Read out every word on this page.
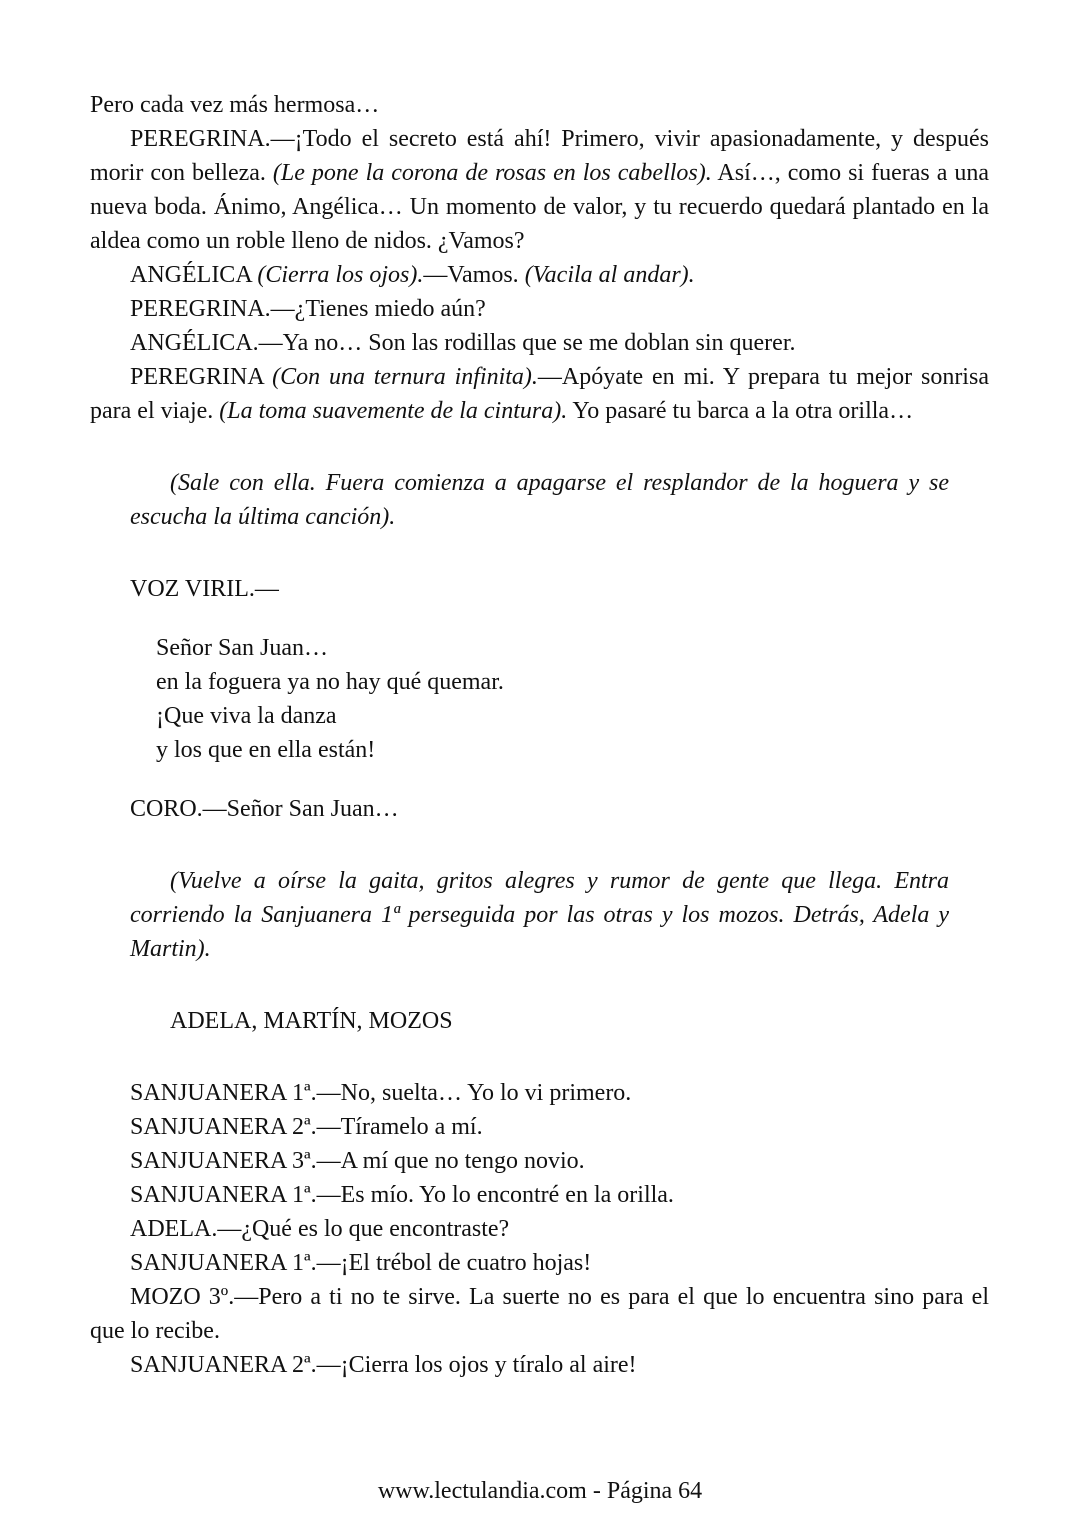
Pero cada vez más hermosa…

PEREGRINA.—¡Todo el secreto está ahí! Primero, vivir apasionadamente, y después morir con belleza. (Le pone la corona de rosas en los cabellos). Así…, como si fueras a una nueva boda. Ánimo, Angélica… Un momento de valor, y tu recuerdo quedará plantado en la aldea como un roble lleno de nidos. ¿Vamos?

ANGÉLICA (Cierra los ojos).—Vamos. (Vacila al andar).

PEREGRINA.—¿Tienes miedo aún?

ANGÉLICA.—Ya no… Son las rodillas que se me doblan sin querer.

PEREGRINA (Con una ternura infinita).—Apóyate en mi. Y prepara tu mejor sonrisa para el viaje. (La toma suavemente de la cintura). Yo pasaré tu barca a la otra orilla…

(Sale con ella. Fuera comienza a apagarse el resplandor de la hoguera y se escucha la última canción).

VOZ VIRIL.—

Señor San Juan…
en la foguera ya no hay qué quemar.
¡Que viva la danza
y los que en ella están!

CORO.—Señor San Juan…

(Vuelve a oírse la gaita, gritos alegres y rumor de gente que llega. Entra corriendo la Sanjuanera 1ª perseguida por las otras y los mozos. Detrás, Adela y Martin).

ADELA, MARTÍN, MOZOS

SANJUANERA 1ª.—No, suelta… Yo lo vi primero.

SANJUANERA 2ª.—Tíramelo a mí.

SANJUANERA 3ª.—A mí que no tengo novio.

SANJUANERA 1ª.—Es mío. Yo lo encontré en la orilla.

ADELA.—¿Qué es lo que encontraste?

SANJUANERA 1ª.—¡El trébol de cuatro hojas!

MOZO 3º.—Pero a ti no te sirve. La suerte no es para el que lo encuentra sino para el que lo recibe.

SANJUANERA 2ª.—¡Cierra los ojos y tíralo al aire!

www.lectulandia.com - Página 64
